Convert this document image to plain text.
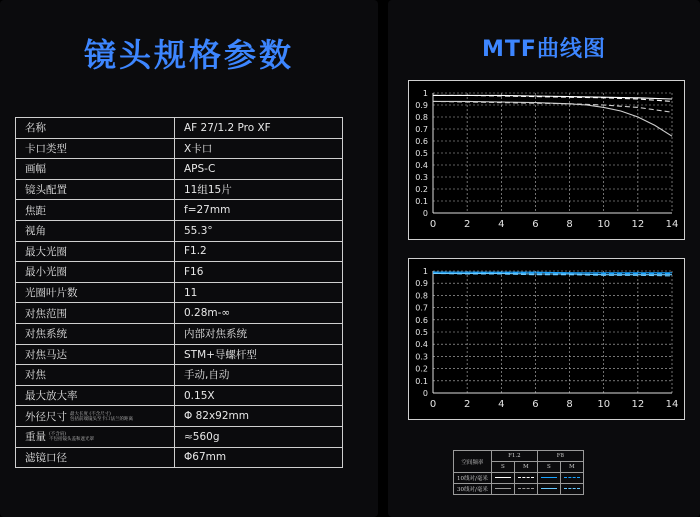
镜头规格参数
名称	AF 27/1.2 Pro XF
卡口类型	X卡口
画幅	APS-C
镜头配置	11组15片
焦距	f=27mm
视角	55.3°
最大光圈	F1.2
最小光圈	F16
光圈叶片数	11
对焦范围	0.28m-∞
对焦系统	内部对焦系统
对焦马达	STM+导螺杆型
对焦	手动,自动
最大放大率	0.15X
外径尺寸 最大长度 (不含尺寸)
包括前端镜头至卡口法兰的距离	Φ 82x92mm
重量 (不含肩)
不包括镜头盖和遮光罩	≈560g
滤镜口径	Φ67mm
MTF曲线图
0	2	4	6	8 10 12 14
0
0.1
0.2
0.3
0.4
0.5
0.6
0.7
0.8
0.9
1
0	2	4	6	8 10 12 14
0
0.1
0.2
0.3
0.4
0.5
0.6
0.7
0.8
0.9
1
空间频率	F1.2		F8	
	S	M	S	M
10线对/毫米				
30线对/毫米				
